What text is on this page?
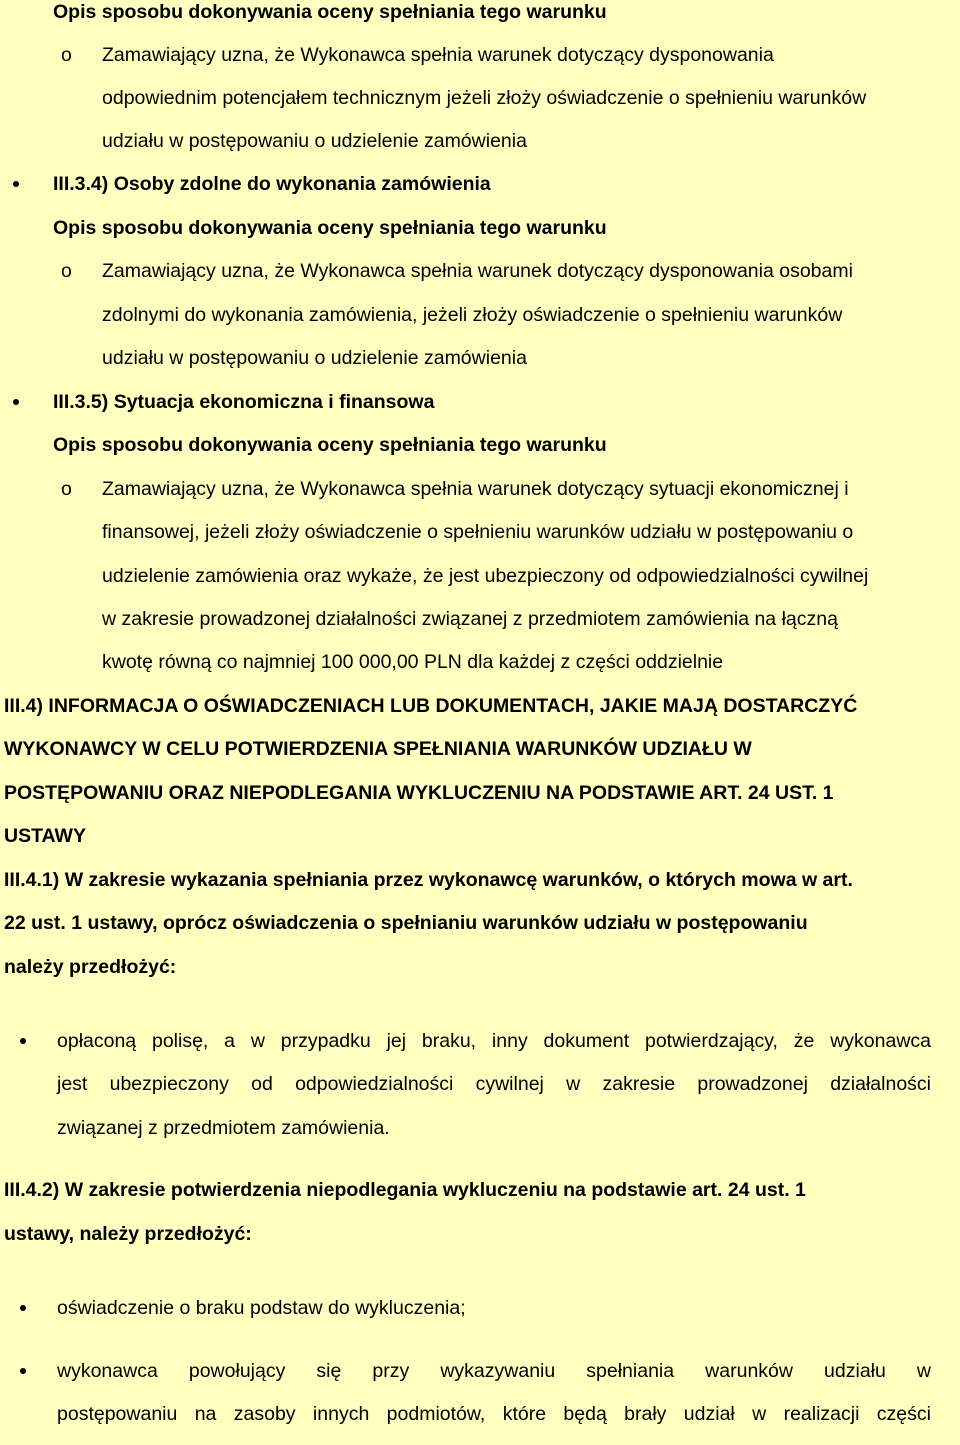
Opis sposobu dokonywania oceny spełniania tego warunku
o Zamawiający uzna, że Wykonawca spełnia warunek dotyczący dysponowania
odpowiednim potencjałem technicznym jeżeli złoży oświadczenie o spełnieniu warunków
udziału w postępowaniu o udzielenie zamówienia
III.3.4) Osoby zdolne do wykonania zamówienia
Opis sposobu dokonywania oceny spełniania tego warunku
o Zamawiający uzna, że Wykonawca spełnia warunek dotyczący dysponowania osobami
zdolnymi do wykonania zamówienia, jeżeli złoży oświadczenie o spełnieniu warunków
udziału w postępowaniu o udzielenie zamówienia
III.3.5) Sytuacja ekonomiczna i finansowa
Opis sposobu dokonywania oceny spełniania tego warunku
o Zamawiający uzna, że Wykonawca spełnia warunek dotyczący sytuacji ekonomicznej i
finansowej, jeżeli złoży oświadczenie o spełnieniu warunków udziału w postępowaniu o
udzielenie zamówienia oraz wykaże, że jest ubezpieczony od odpowiedzialności cywilnej
w zakresie prowadzonej działalności związanej z przedmiotem zamówienia na łączną
kwotę równą co najmniej 100 000,00 PLN dla każdej z części oddzielnie
III.4) INFORMACJA O OŚWIADCZENIACH LUB DOKUMENTACH, JAKIE MAJĄ DOSTARCZYĆ
WYKONAWCY W CELU POTWIERDZENIA SPEŁNIANIA WARUNKÓW UDZIAŁU W
POSTĘPOWANIU ORAZ NIEPODLEGANIA WYKLUCZENIU NA PODSTAWIE ART. 24 UST. 1
USTAWY
III.4.1) W zakresie wykazania spełniania przez wykonawcę warunków, o których mowa w art.
22 ust. 1 ustawy, oprócz oświadczenia o spełnianiu warunków udziału w postępowaniu
należy przedłożyć:
opłaconą polisę, a w przypadku jej braku, inny dokument potwierdzający, że wykonawca
jest ubezpieczony od odpowiedzialności cywilnej w zakresie prowadzonej działalności
związanej z przedmiotem zamówienia.
III.4.2) W zakresie potwierdzenia niepodlegania wykluczeniu na podstawie art. 24 ust. 1
ustawy, należy przedłożyć:
oświadczenie o braku podstaw do wykluczenia;
wykonawca powołujący się przy wykazywaniu spełniania warunków udziału w
postępowaniu na zasoby innych podmiotów, które będą brały udział w realizacji części
